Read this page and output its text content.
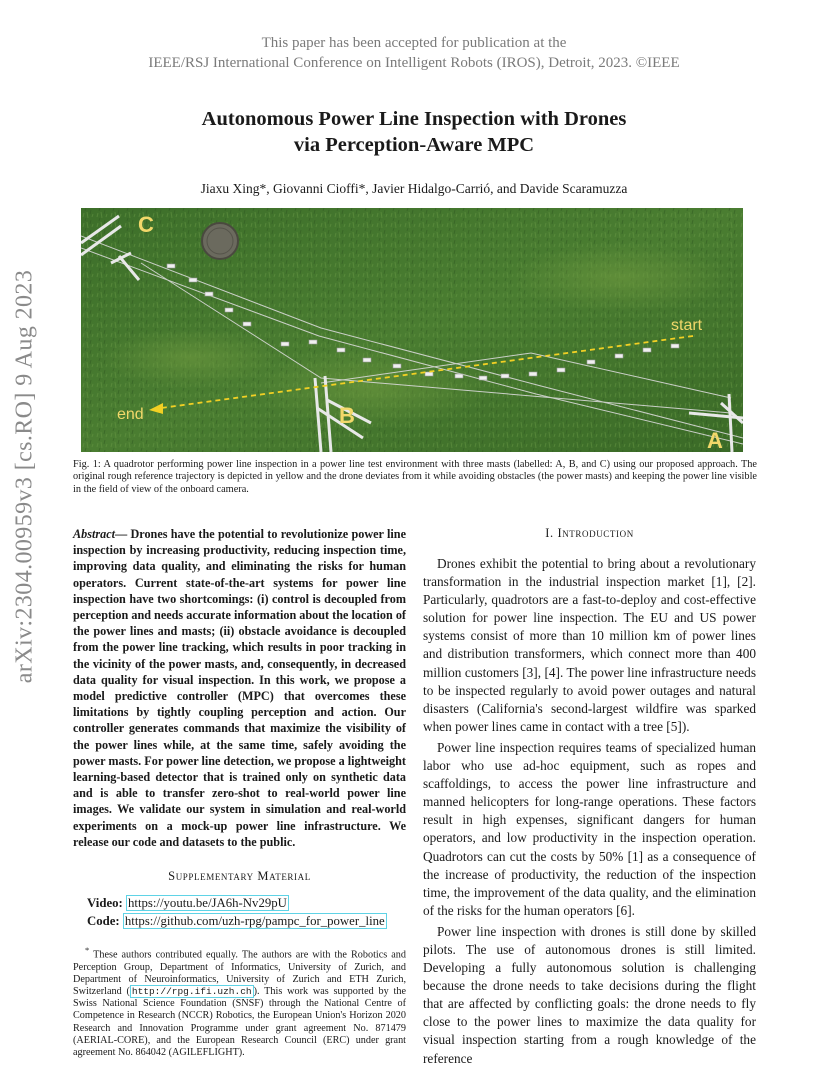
This paper has been accepted for publication at the
IEEE/RSJ International Conference on Intelligent Robots (IROS), Detroit, 2023. ©IEEE
Autonomous Power Line Inspection with Drones
via Perception-Aware MPC
Jiaxu Xing*, Giovanni Cioffi*, Javier Hidalgo-Carrió, and Davide Scaramuzza
arXiv:2304.00959v3 [cs.RO] 9 Aug 2023
C
B
A
start
end
Fig. 1: A quadrotor performing power line inspection in a power line test environment with three masts (labelled: A, B, and C) using our proposed approach. The original rough reference trajectory is depicted in yellow and the drone deviates from it while avoiding obstacles (the power masts) and keeping the power line visible in the field of view of the onboard camera.

Abstract— Drones have the potential to revolutionize power line inspection by increasing productivity, reducing inspection time, improving data quality, and eliminating the risks for human operators. Current state-of-the-art systems for power line inspection have two shortcomings: (i) control is decoupled from perception and needs accurate information about the location of the power lines and masts; (ii) obstacle avoidance is decoupled from the power line tracking, which results in poor tracking in the vicinity of the power masts, and, consequently, in decreased data quality for visual inspection. In this work, we propose a model predictive controller (MPC) that overcomes these limitations by tightly coupling perception and action. Our controller generates commands that maximize the visibility of the power lines while, at the same time, safely avoiding the power masts. For power line detection, we propose a lightweight learning-based detector that is trained only on synthetic data and is able to transfer zero-shot to real-world power line images. We validate our system in simulation and real-world experiments on a mock-up power line infrastructure. We release our code and datasets to the public.

Supplementary Material

Video: https://youtu.be/JA6h-Nv29pU

Code: https://github.com/uzh-rpg/pampc_for_power_line

* These authors contributed equally. The authors are with the Robotics and Perception Group, Department of Informatics, University of Zurich, and Department of Neuroinformatics, University of Zurich and ETH Zurich, Switzerland ( http://rpg.ifi.uzh.ch ). This work was supported by the Swiss National Science Foundation (SNSF) through the National Centre of Competence in Research (NCCR) Robotics, the European Union's Horizon 2020 Research and Innovation Programme under grant agreement No. 871479 (AERIAL-CORE), and the European Research Council (ERC) under grant agreement No. 864042 (AGILEFLIGHT).

I. Introduction

Drones exhibit the potential to bring about a revolutionary transformation in the industrial inspection market [1], [2]. Particularly, quadrotors are a fast-to-deploy and cost-effective solution for power line inspection. The EU and US power systems consist of more than 10 million km of power lines and distribution transformers, which connect more than 400 million customers [3], [4]. The power line infrastructure needs to be inspected regularly to avoid power outages and natural disasters (California's second-largest wildfire was sparked when power lines came in contact with a tree [5]).

Power line inspection requires teams of specialized human labor who use ad-hoc equipment, such as ropes and scaffoldings, to access the power line infrastructure and manned helicopters for long-range operations. These factors result in high expenses, significant dangers for human operators, and low productivity in the inspection operation. Quadrotors can cut the costs by 50% [1] as a consequence of the increase of productivity, the reduction of the inspection time, the improvement of the data quality, and the elimination of the risks for the human operators [6].

Power line inspection with drones is still done by skilled pilots. The use of autonomous drones is still limited. Developing a fully autonomous solution is challenging because the drone needs to take decisions during the flight that are affected by conflicting goals: the drone needs to fly close to the power lines to maximize the data quality for visual inspection starting from a rough knowledge of the reference
